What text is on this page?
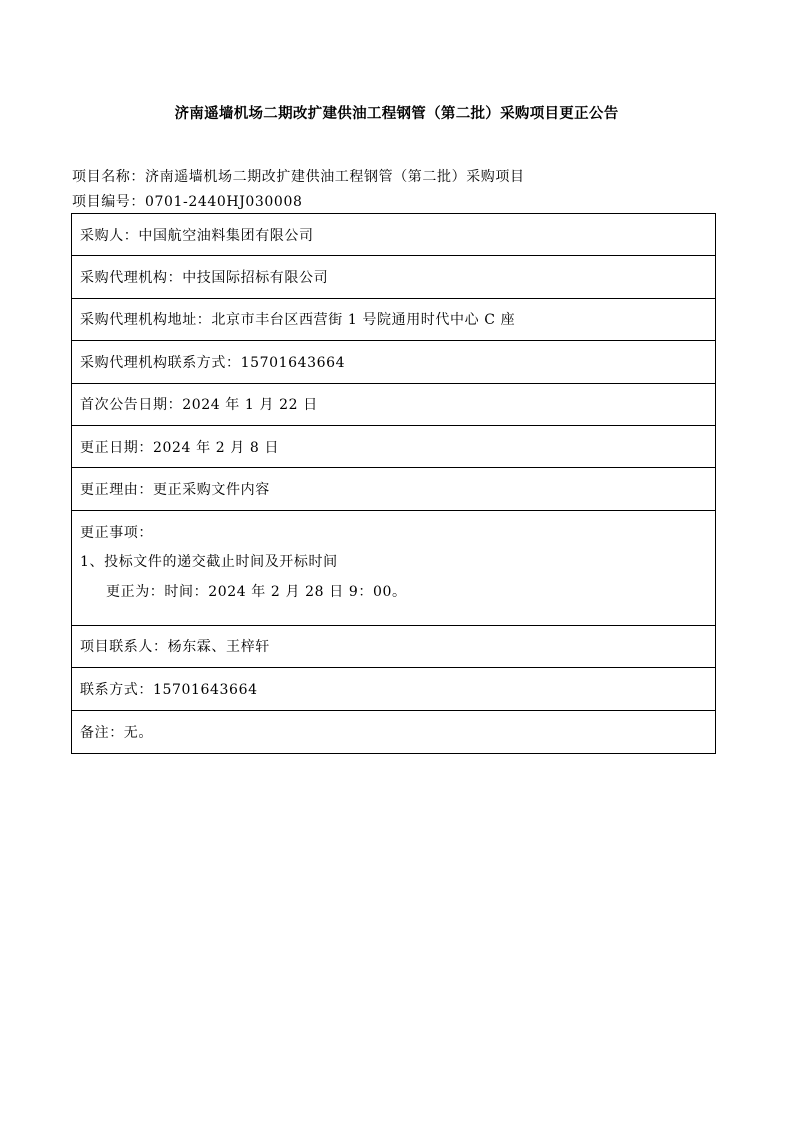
济南遥墙机场二期改扩建供油工程钢管（第二批）采购项目更正公告
项目名称：济南遥墙机场二期改扩建供油工程钢管（第二批）采购项目
项目编号：0701-2440HJ030008
采购人：中国航空油料集团有限公司
采购代理机构：中技国际招标有限公司
采购代理机构地址：北京市丰台区西营街 1 号院通用时代中心 C 座
采购代理机构联系方式：15701643664
首次公告日期：2024 年 1 月 22 日
更正日期：2024 年 2 月 8 日
更正理由：更正采购文件内容
更正事项：
1、投标文件的递交截止时间及开标时间
更正为：时间：2024 年 2 月 28 日 9：00。
项目联系人：杨东霖、王梓轩
联系方式：15701643664
备注：无。
